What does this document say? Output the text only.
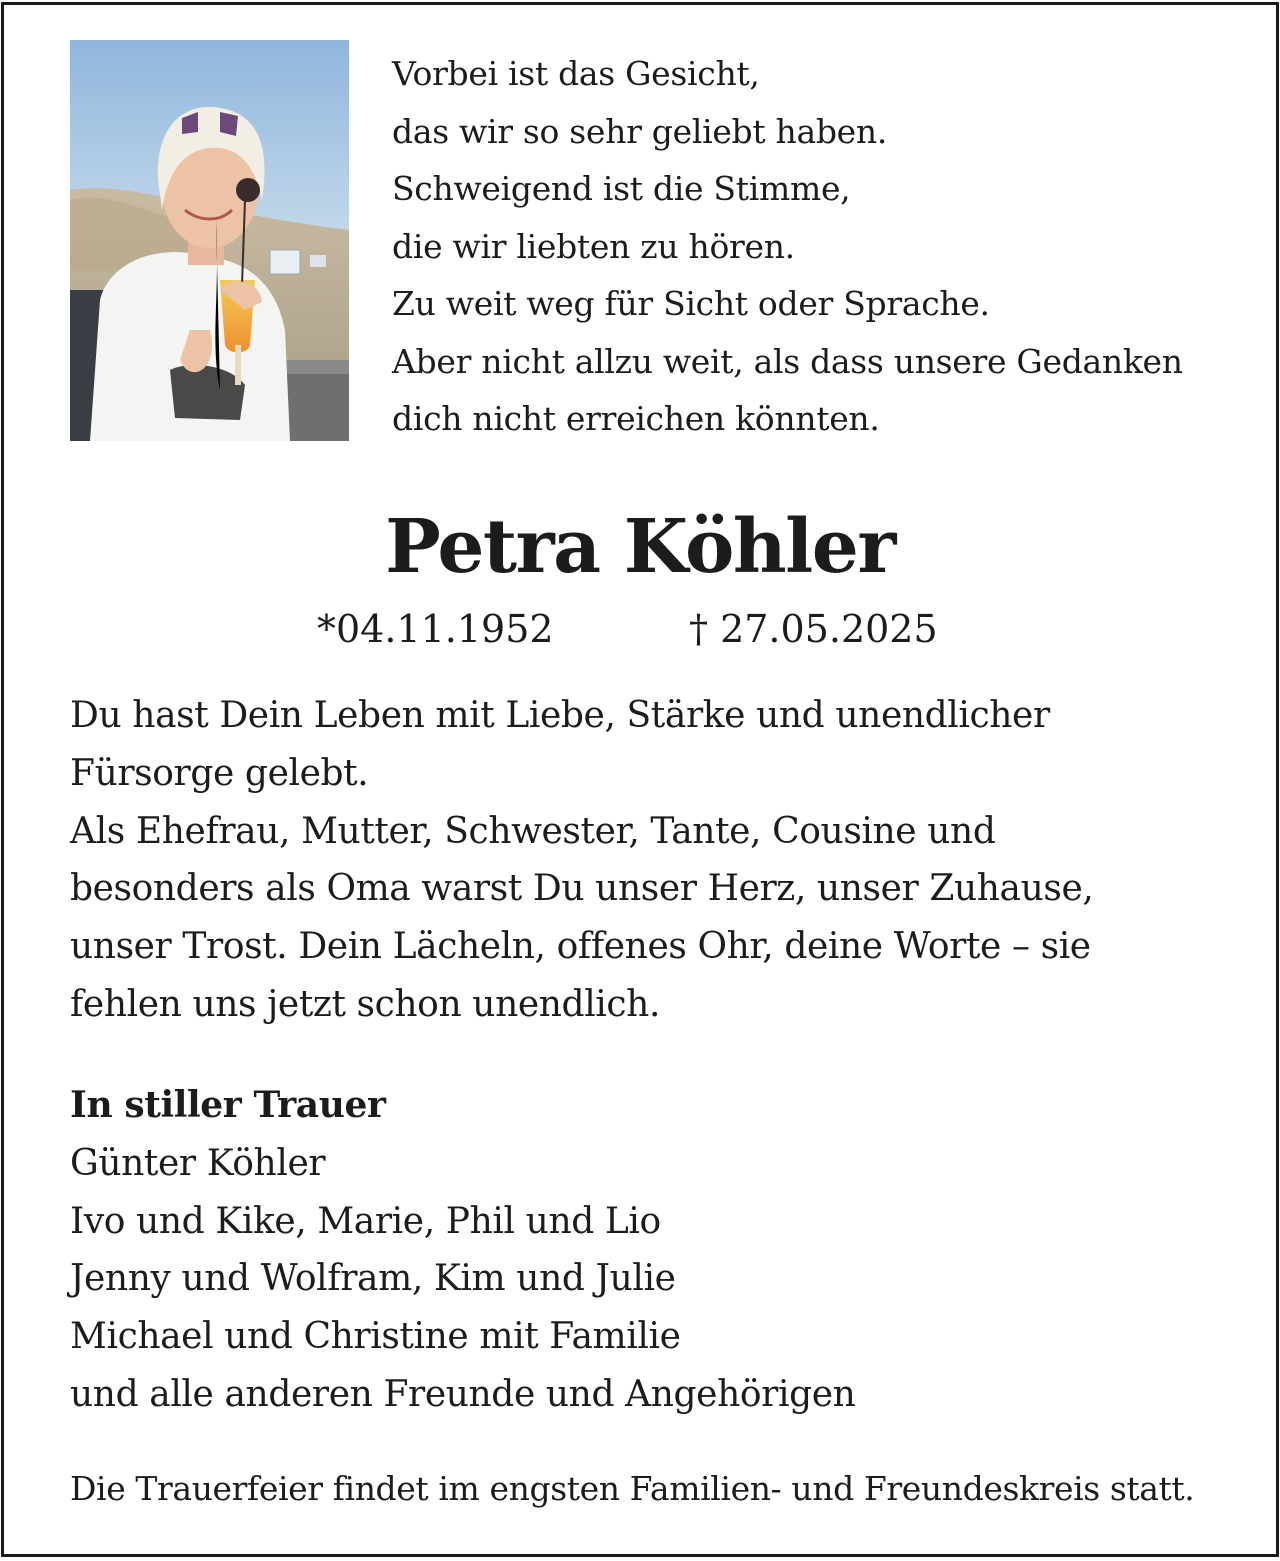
Vorbei ist das Gesicht,
das wir so sehr geliebt haben.
Schweigend ist die Stimme,
die wir liebten zu hören.
Zu weit weg für Sicht oder Sprache.
Aber nicht allzu weit, als dass unsere Gedanken
dich nicht erreichen könnten.
Petra Köhler
*04.11.1952	† 27.05.2025
Du hast Dein Leben mit Liebe, Stärke und unendlicher
Fürsorge gelebt.
Als Ehefrau, Mutter, Schwester, Tante, Cousine und
besonders als Oma warst Du unser Herz, unser Zuhause,
unser Trost. Dein Lächeln, offenes Ohr, deine Worte – sie
fehlen uns jetzt schon unendlich.
In stiller Trauer
Günter Köhler
Ivo und Kike, Marie, Phil und Lio
Jenny und Wolfram, Kim und Julie
Michael und Christine mit Familie
und alle anderen Freunde und Angehörigen
Die Trauerfeier findet im engsten Familien- und Freundeskreis statt.
